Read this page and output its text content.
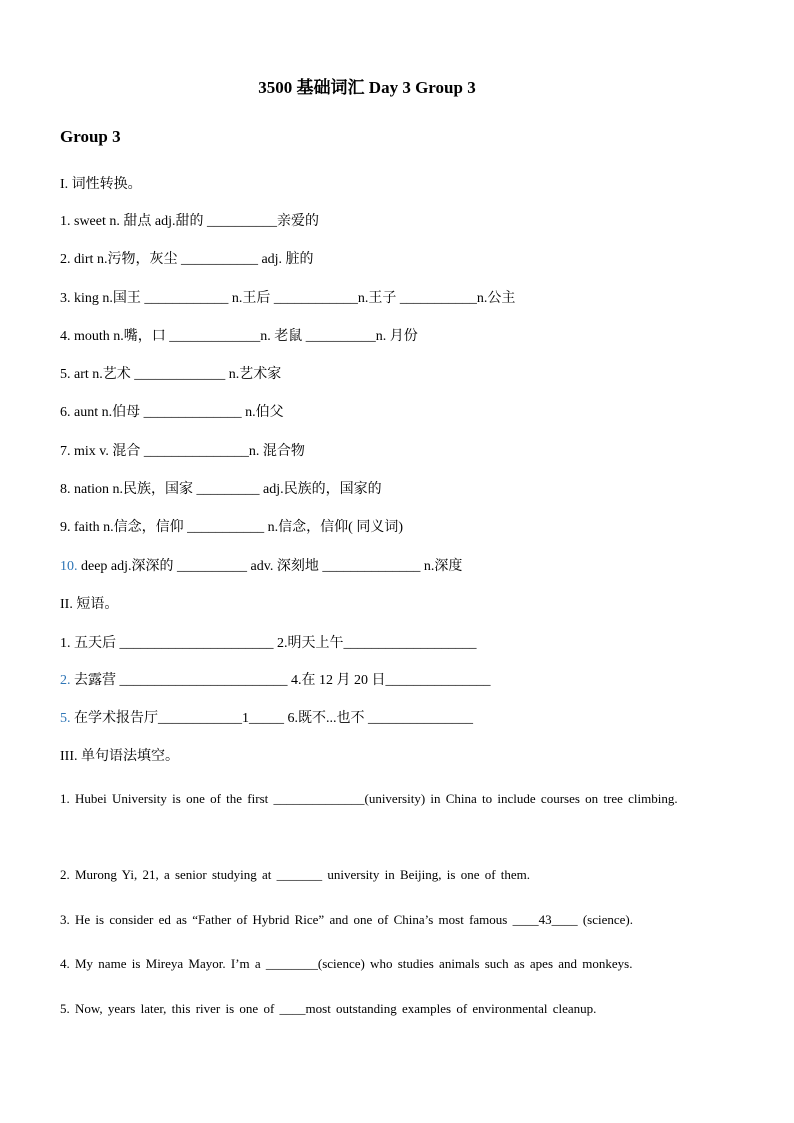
3500 基础词汇 Day 3 Group 3
Group 3
I. 词性转换。
1. sweet n. 甜点 adj.甜的 __________亲爱的
2. dirt n.污物，灰尘 ___________ adj. 脏的
3. king n.国王 ____________ n.王后 ____________n.王子 ___________n.公主
4. mouth n.嘴，口 _____________n. 老鼠 __________n. 月份
5. art n.艺术 _____________ n.艺术家
6. aunt n.伯母 ______________ n.伯父
7. mix v. 混合 _______________n. 混合物
8. nation n.民族，国家 _________ adj.民族的，国家的
9. faith n.信念，信仰 ___________ n.信念，信仰( 同义词)
10. deep adj.深深的 __________ adv. 深刻地 ______________ n.深度
II. 短语。
1. 五天后 ______________________ 2.明天上午___________________
2. 去露营 ________________________ 4.在 12 月 20 日_______________
5. 在学术报告厅____________1_____ 6.既不...也不 _______________
III. 单句语法填空。
1. Hubei University is one of the first ______________(university) in China to include courses on tree climbing.
2. Murong Yi, 21, a senior studying at _______ university in Beijing, is one of them.
3. He is consider ed as “Father of Hybrid Rice” and one of China’s most famous ____43____ (science).
4. My name is Mireya Mayor. I’m a ________(science) who studies animals such as apes and monkeys.
5. Now, years later, this river is one of ____most outstanding examples of environmental cleanup.
